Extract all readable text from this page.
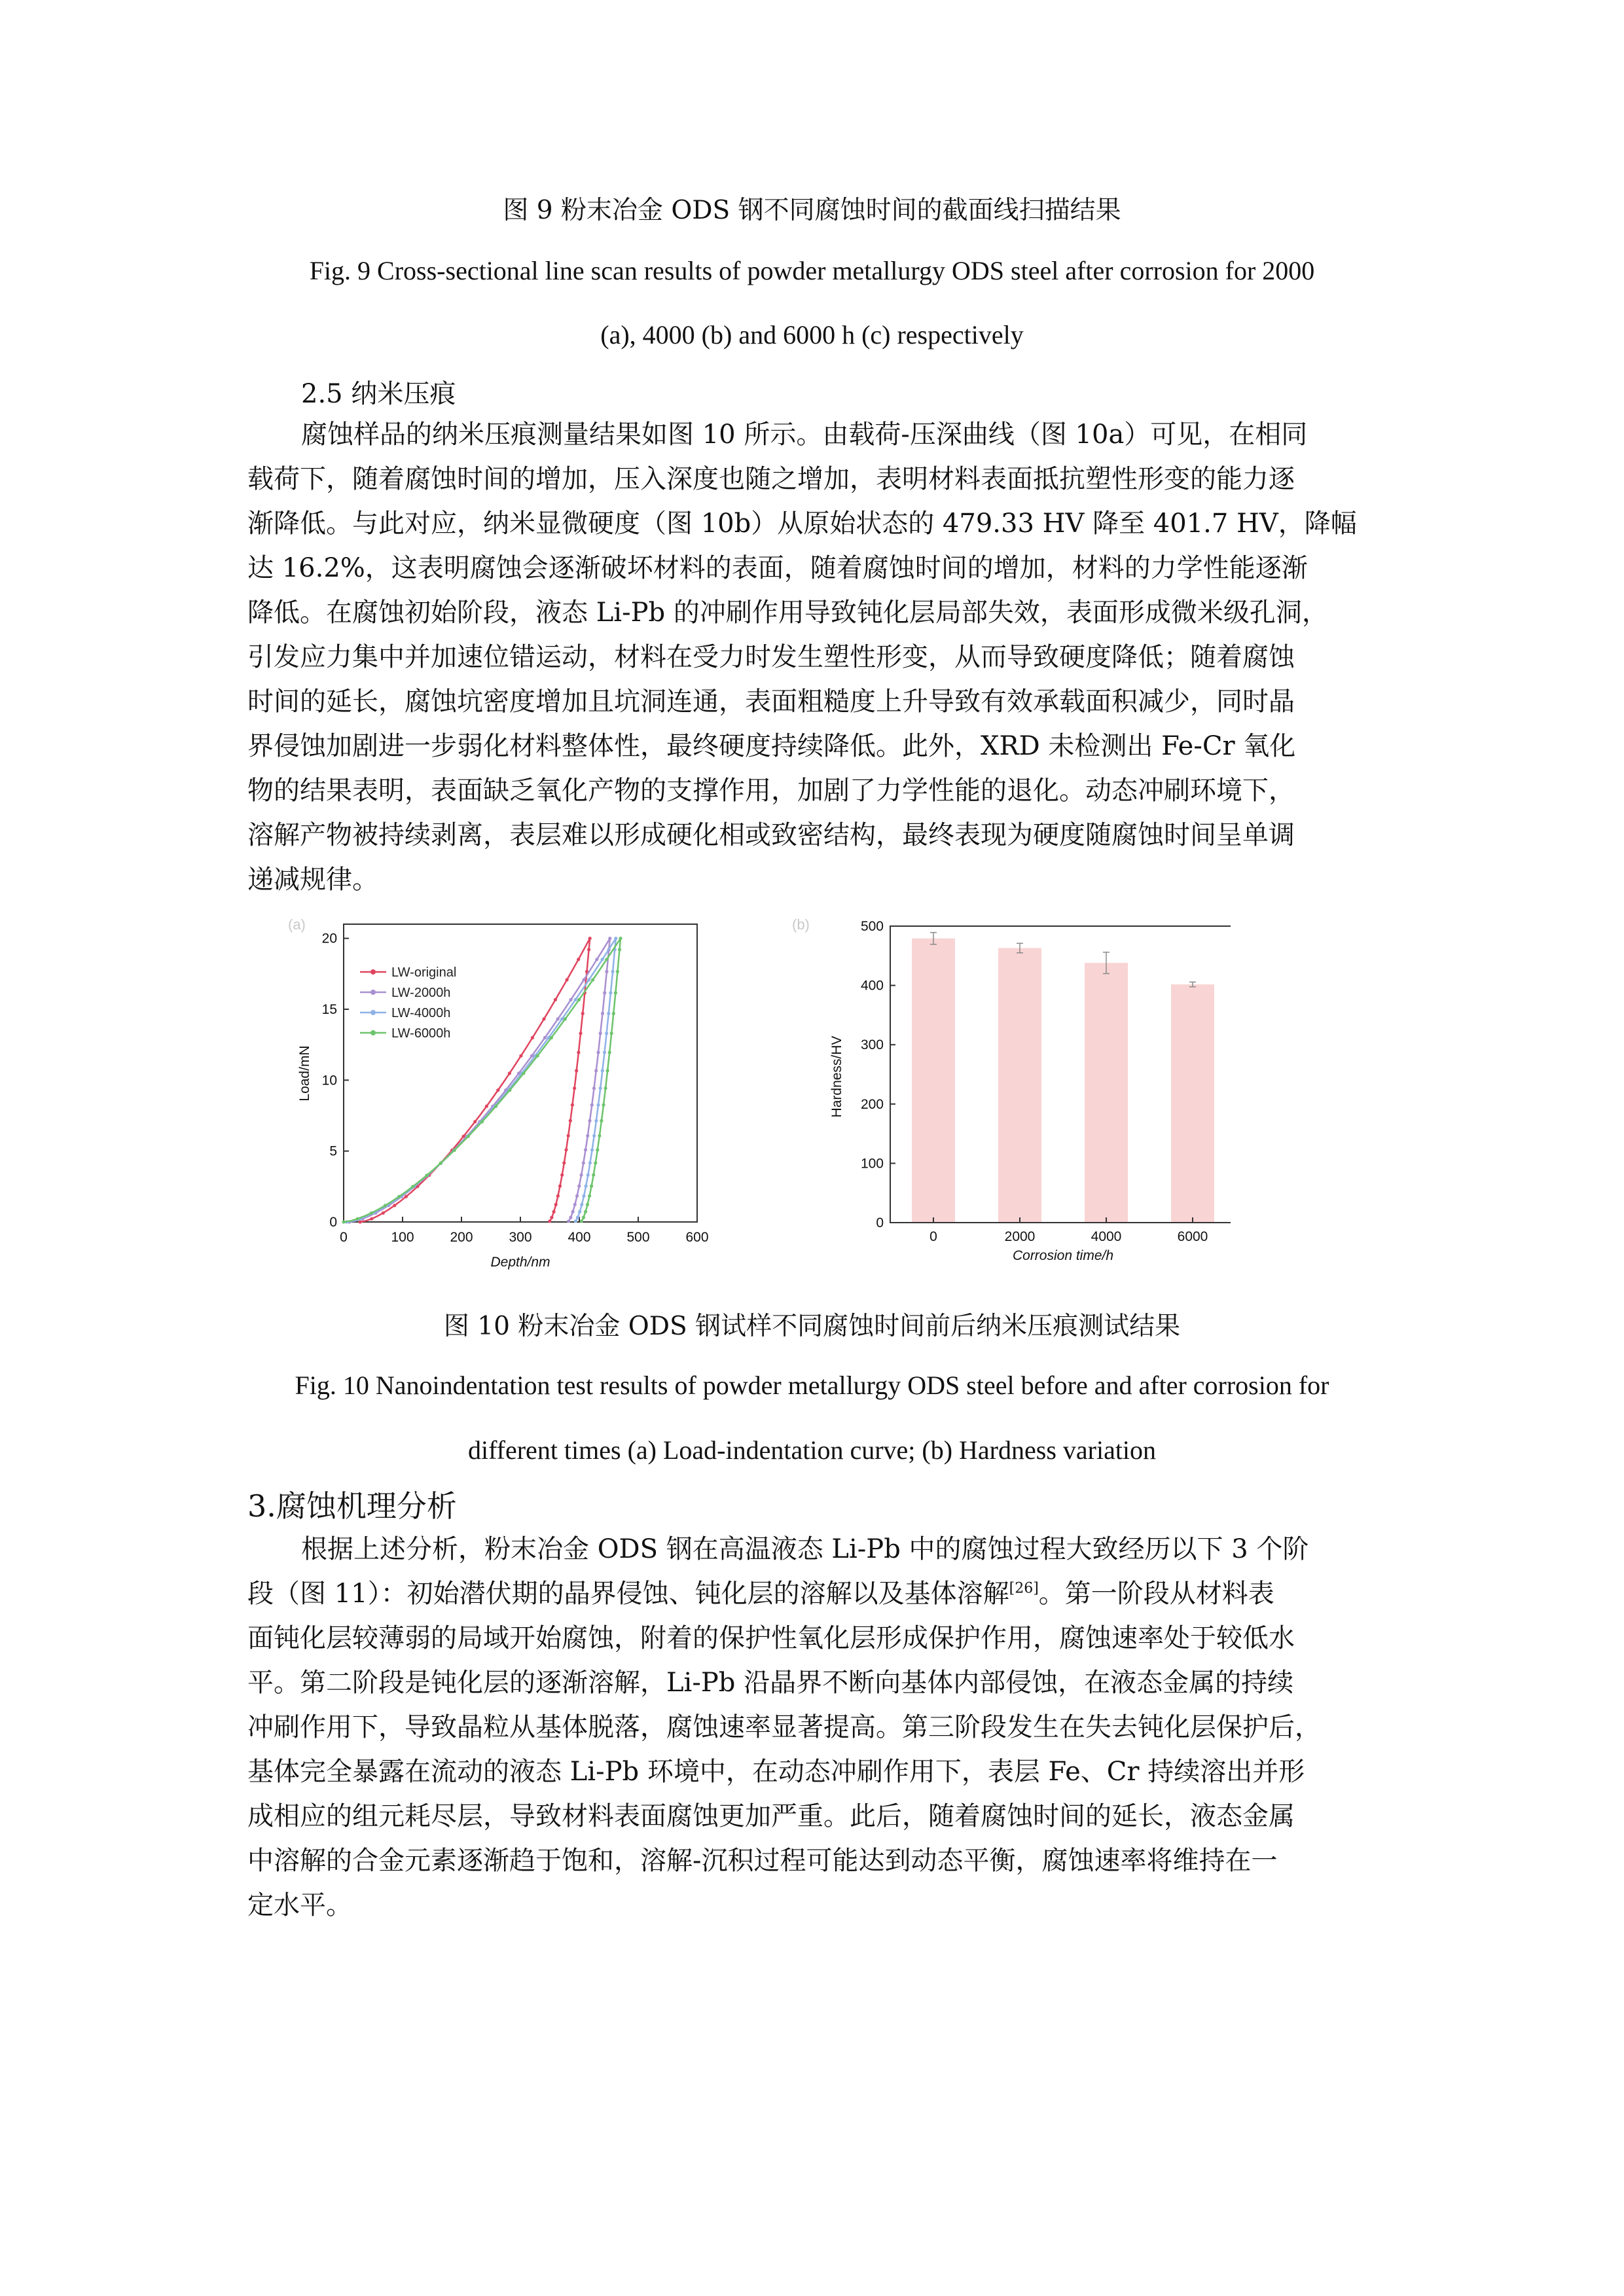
图 9 粉末冶金 ODS 钢不同腐蚀时间的截面线扫描结果
Fig. 9 Cross-sectional line scan results of powder metallurgy ODS steel after corrosion for 2000
(a), 4000 (b) and 6000 h (c) respectively
2.5 纳米压痕
腐蚀样品的纳米压痕测量结果如图 10 所示。由载荷-压深曲线（图 10a）可见，在相同
载荷下，随着腐蚀时间的增加，压入深度也随之增加，表明材料表面抵抗塑性形变的能力逐
渐降低。与此对应，纳米显微硬度（图 10b）从原始状态的 479.33 HV 降至 401.7 HV，降幅
达 16.2%，这表明腐蚀会逐渐破坏材料的表面，随着腐蚀时间的增加，材料的力学性能逐渐
降低。在腐蚀初始阶段，液态 Li-Pb 的冲刷作用导致钝化层局部失效，表面形成微米级孔洞，
引发应力集中并加速位错运动，材料在受力时发生塑性形变，从而导致硬度降低；随着腐蚀
时间的延长，腐蚀坑密度增加且坑洞连通，表面粗糙度上升导致有效承载面积减少，同时晶
界侵蚀加剧进一步弱化材料整体性，最终硬度持续降低。此外，XRD 未检测出 Fe-Cr 氧化
物的结果表明，表面缺乏氧化产物的支撑作用，加剧了力学性能的退化。动态冲刷环境下，
溶解产物被持续剥离，表层难以形成硬化相或致密结构，最终表现为硬度随腐蚀时间呈单调
递减规律。
(a)
0	100	200	300	400	500	600
0
5
10
15
20
LW-original
LW-2000h
LW-4000h
LW-6000h
Depth/nm
Load/mN
(b)
0	2000	4000	6000
0
100
200
300
400
500
Corrosion time/h
Hardness/HV
图 10 粉末冶金 ODS 钢试样不同腐蚀时间前后纳米压痕测试结果
Fig. 10 Nanoindentation test results of powder metallurgy ODS steel before and after corrosion for
different times (a) Load-indentation curve; (b) Hardness variation
3.腐蚀机理分析
根据上述分析，粉末冶金 ODS 钢在高温液态 Li-Pb 中的腐蚀过程大致经历以下 3 个阶
段（图 11）：初始潜伏期的晶界侵蚀、钝化层的溶解以及基体溶解[26]。第一阶段从材料表
面钝化层较薄弱的局域开始腐蚀，附着的保护性氧化层形成保护作用，腐蚀速率处于较低水
平。第二阶段是钝化层的逐渐溶解，Li-Pb 沿晶界不断向基体内部侵蚀，在液态金属的持续
冲刷作用下，导致晶粒从基体脱落，腐蚀速率显著提高。第三阶段发生在失去钝化层保护后，
基体完全暴露在流动的液态 Li-Pb 环境中，在动态冲刷作用下，表层 Fe、Cr 持续溶出并形
成相应的组元耗尽层，导致材料表面腐蚀更加严重。此后，随着腐蚀时间的延长，液态金属
中溶解的合金元素逐渐趋于饱和，溶解-沉积过程可能达到动态平衡，腐蚀速率将维持在一
定水平。
